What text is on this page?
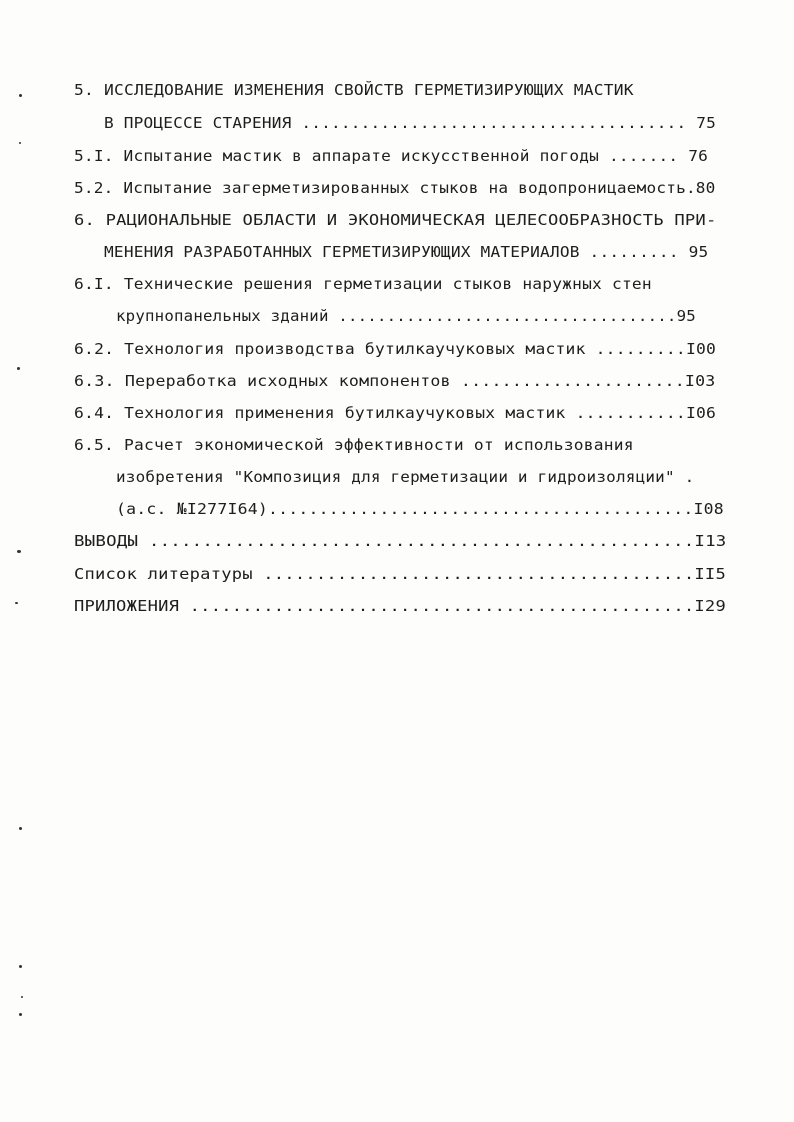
5. ИССЛЕДОВАНИЕ ИЗМЕНЕНИЯ СВОЙСТВ ГЕРМЕТИЗИРУЮЩИХ МАСТИК
В ПРОЦЕССЕ СТАРЕНИЯ ....................................... 75
5.I. Испытание мастик в аппарате искусственной погоды ....... 76
5.2. Испытание загерметизированных стыков на водопроницаемость.80
6. РАЦИОНАЛЬНЫЕ ОБЛАСТИ И ЭКОНОМИЧЕСКАЯ ЦЕЛЕСООБРАЗНОСТЬ ПРИ-
МЕНЕНИЯ РАЗРАБОТАННЫХ ГЕРМЕТИЗИРУЮЩИХ МАТЕРИАЛОВ ......... 95
6.I. Технические решения герметизации стыков наружных стен
крупнопанельных зданий ...................................95
6.2. Технология производства бутилкаучуковых мастик .........I00
6.3. Переработка исходных компонентов ......................I03
6.4. Технология применения бутилкаучуковых мастик ...........I06
6.5. Расчет экономической эффективности от использования
изобретения "Композиция для герметизации и гидроизоляции" .
(а.с. №I277I64)..........................................I08
ВЫВОДЫ ...................................................I13
Список литературы .........................................II5
ПРИЛОЖЕНИЯ ................................................I29
